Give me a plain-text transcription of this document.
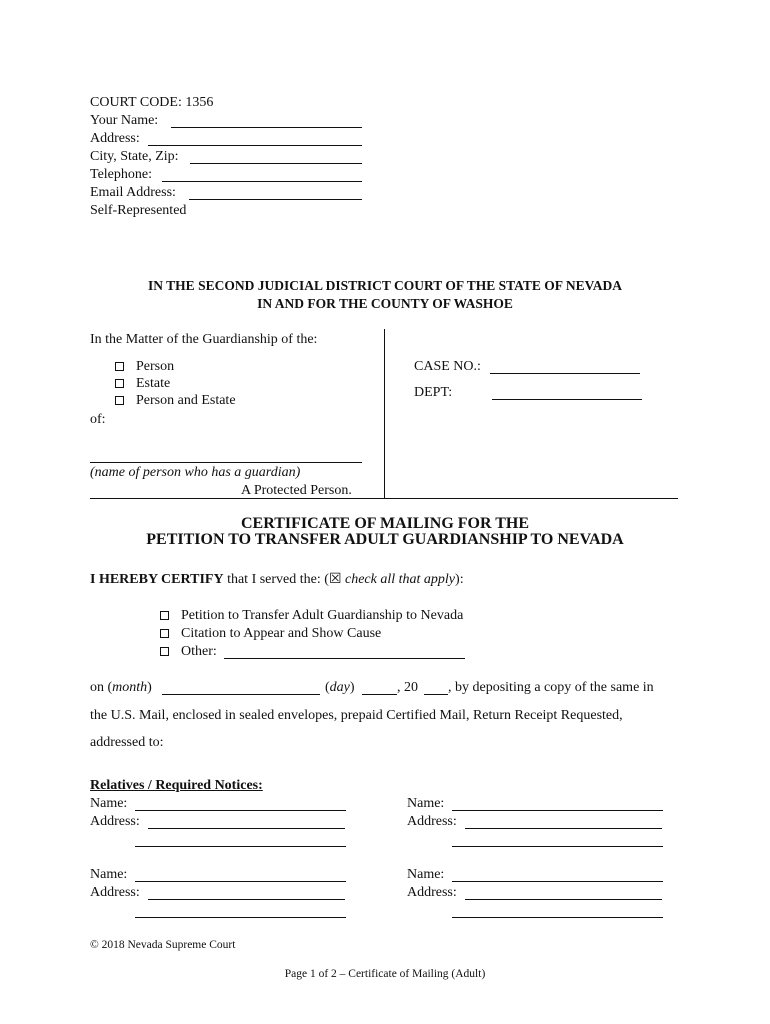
COURT CODE: 1356
Your Name:
Address:
City, State, Zip:
Telephone:
Email Address:
Self-Represented
IN THE SECOND JUDICIAL DISTRICT COURT OF THE STATE OF NEVADA
IN AND FOR THE COUNTY OF WASHOE
In the Matter of the Guardianship of the:
Person
Estate
Person and Estate
of:
(name of person who has a guardian)
A Protected Person.
CASE NO.:
DEPT:
CERTIFICATE OF MAILING FOR THE
PETITION TO TRANSFER ADULT GUARDIANSHIP TO NEVADA
I HEREBY CERTIFY that I served the: (☒ check all that apply):
Petition to Transfer Adult Guardianship to Nevada
Citation to Appear and Show Cause
Other:
on (month)	(day)	, 20 , by depositing a copy of the same in
the U.S. Mail, enclosed in sealed envelopes, prepaid Certified Mail, Return Receipt Requested,
addressed to:
Relatives / Required Notices:
Name:
Address:
Name:
Address:
Name:
Address:
Name:
Address:
© 2018 Nevada Supreme Court
Page 1 of 2 – Certificate of Mailing (Adult)
